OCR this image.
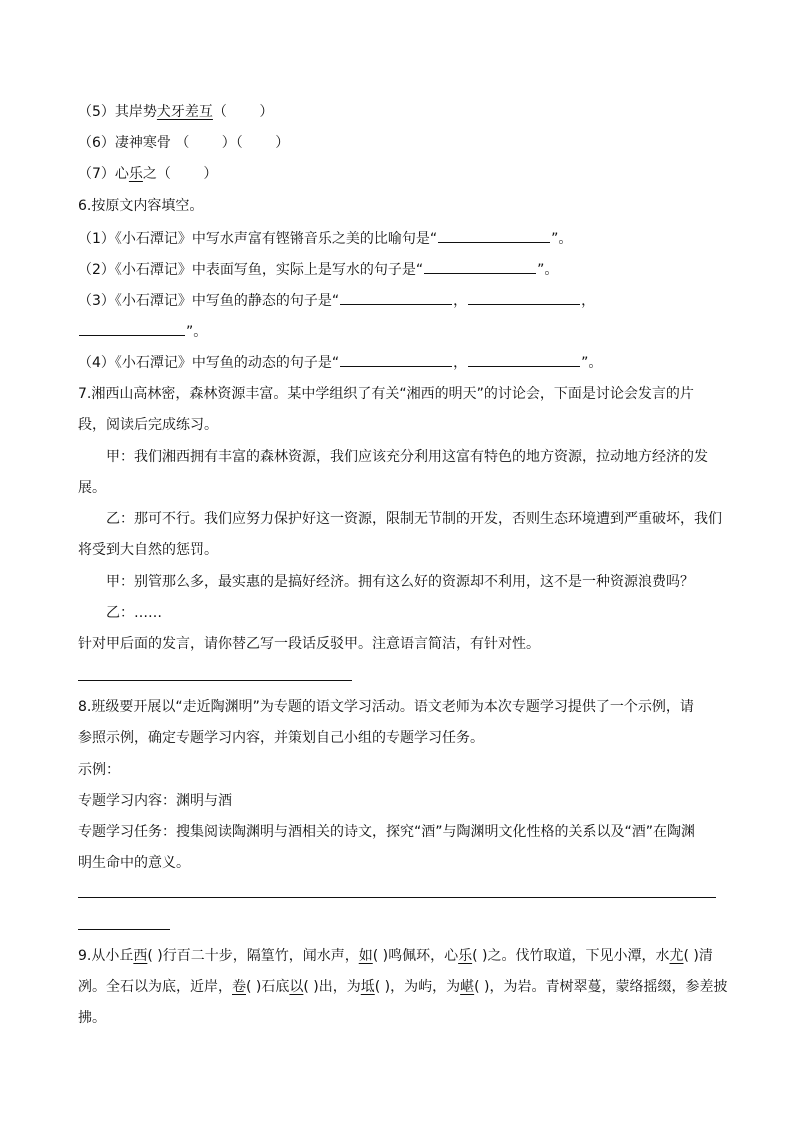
（5）其岸势犬牙差互（　　 ）
（6）凄神寒骨 （　　 ）（　　 ）
（7）心乐之（　　 ）
6.按原文内容填空。
（1）《小石潭记》中写水声富有铿锵音乐之美的比喻句是“	”。
（2）《小石潭记》中表面写鱼，实际上是写水的句子是“	”。
（3）《小石潭记》中写鱼的静态的句子是“	，	，
”。
（4）《小石潭记》中写鱼的动态的句子是“	，	”。
7.湘西山高林密，森林资源丰富。某中学组织了有关“湘西的明天”的讨论会，下面是讨论会发言的片
段，阅读后完成练习。
甲：我们湘西拥有丰富的森林资源，我们应该充分利用这富有特色的地方资源，拉动地方经济的发
展。
乙：那可不行。我们应努力保护好这一资源，限制无节制的开发，否则生态环境遭到严重破坏，我们
将受到大自然的惩罚。
甲：别管那么多，最实惠的是搞好经济。拥有这么好的资源却不利用，这不是一种资源浪费吗？
乙：……
针对甲后面的发言，请你替乙写一段话反驳甲。注意语言简洁，有针对性。
8.班级要开展以“走近陶渊明”为专题的语文学习活动。语文老师为本次专题学习提供了一个示例，请
参照示例，确定专题学习内容，并策划自己小组的专题学习任务。
示例：
专题学习内容：渊明与酒
专题学习任务：搜集阅读陶渊明与酒相关的诗文，探究“酒”与陶渊明文化性格的关系以及“酒”在陶渊
明生命中的意义。
9.从小丘西( )行百二十步，隔篁竹，闻水声，如( )鸣佩环，心乐( )之。伐竹取道，下见小潭，水尤( )清
冽。全石以为底，近岸，卷( )石底以( )出，为坻( )，为屿，为嵁( )，为岩。青树翠蔓，蒙络摇缀，参差披
拂。
